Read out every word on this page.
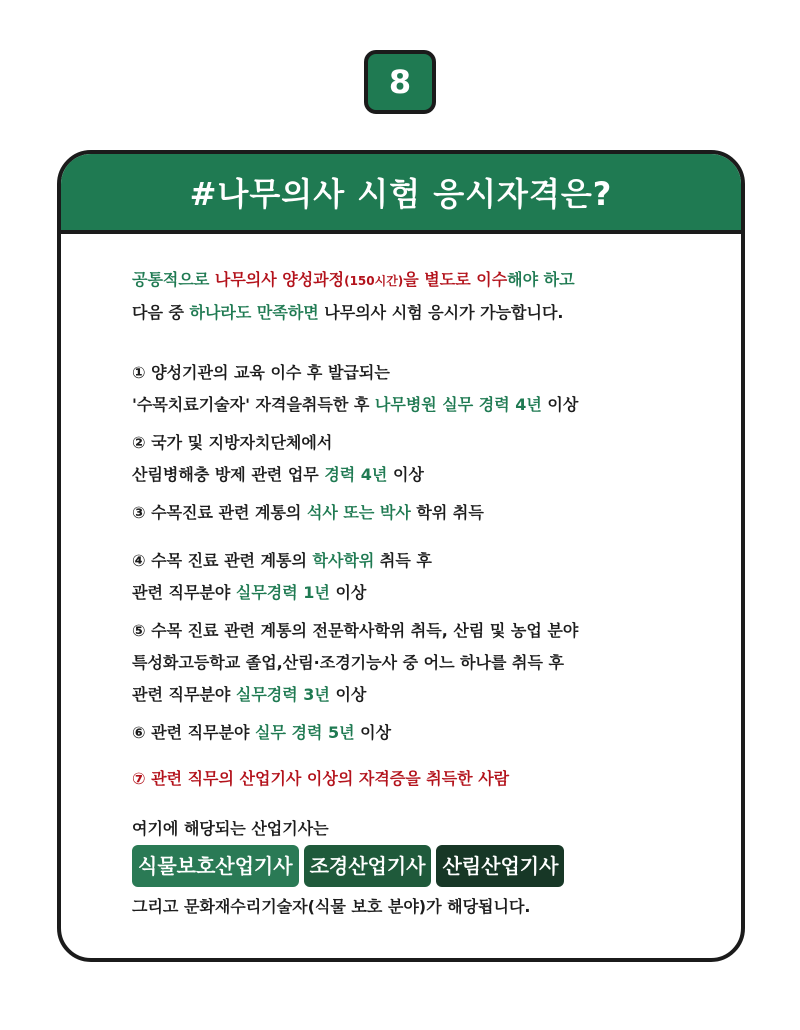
8
#나무의사 시험 응시자격은?

공통적으로 나무의사 양성과정(150시간)을 별도로 이수해야 하고

다음 중 하나라도 만족하면 나무의사 시험 응시가 가능합니다.

① 양성기관의 교육 이수 후 발급되는

'수목치료기술자' 자격을취득한 후 나무병원 실무 경력 4년 이상

② 국가 및 지방자치단체에서

산림병해충 방제 관련 업무 경력 4년 이상

③ 수목진료 관련 계통의 석사 또는 박사 학위 취득

④ 수목 진료 관련 계통의 학사학위 취득 후

관련 직무분야 실무경력 1년 이상

⑤ 수목 진료 관련 계통의 전문학사학위 취득, 산림 및 농업 분야

특성화고등학교 졸업,산림·조경기능사 중 어느 하나를 취득 후

관련 직무분야 실무경력 3년 이상

⑥ 관련 직무분야 실무 경력 5년 이상

⑦ 관련 직무의 산업기사 이상의 자격증을 취득한 사람

여기에 해당되는 산업기사는

식물보호산업기사 조경산업기사 산림산업기사

그리고 문화재수리기술자(식물 보호 분야)가 해당됩니다.
